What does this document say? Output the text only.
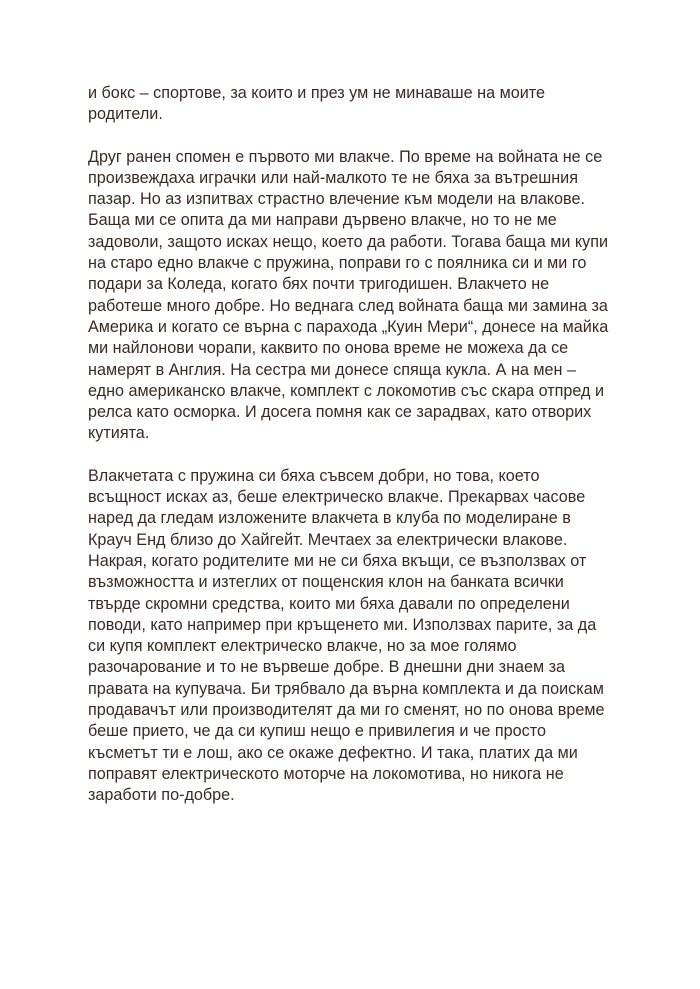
и бокс – спортове, за които и през ум не минаваше на моите
родители.

Друг ранен спомен е първото ми влакче. По време на войната не се
произвеждаха играчки или най-малкото те не бяха за вътрешния
пазар. Но аз изпитвах страстно влечение към модели на влакове.
Баща ми се опита да ми направи дървено влакче, но то не ме
задоволи, защото исках нещо, което да работи. Тогава баща ми купи
на старо едно влакче с пружина, поправи го с поялника си и ми го
подари за Коледа, когато бях почти тригодишен. Влакчето не
работеше много добре. Но веднага след войната баща ми замина за
Америка и когато се върна с парахода „Куин Мери“, донесе на майка
ми найлонови чорапи, каквито по онова време не можеха да се
намерят в Англия. На сестра ми донесе спяща кукла. А на мен –
едно американско влакче, комплект с локомотив със скара отпред и
релса като осморка. И досега помня как се зарадвах, като отворих
кутията.

Влакчетата с пружина си бяха съвсем добри, но това, което
всъщност исках аз, беше електрическо влакче. Прекарвах часове
наред да гледам изложените влакчета в клуба по моделиране в
Крауч Енд близо до Хайгейт. Мечтаех за електрически влакове.
Накрая, когато родителите ми не си бяха вкъщи, се възползвах от
възможността и изтеглих от пощенския клон на банката всички
твърде скромни средства, които ми бяха давали по определени
поводи, като например при кръщенето ми. Използвах парите, за да
си купя комплект електрическо влакче, но за мое голямо
разочарование и то не вървеше добре. В днешни дни знаем за
правата на купувача. Би трябвало да върна комплекта и да поискам
продавачът или производителят да ми го сменят, но по онова време
беше прието, че да си купиш нещо е привилегия и че просто
късметът ти е лош, ако се окаже дефектно. И така, платих да ми
поправят електрическото моторче на локомотива, но никога не
заработи по-добре.
